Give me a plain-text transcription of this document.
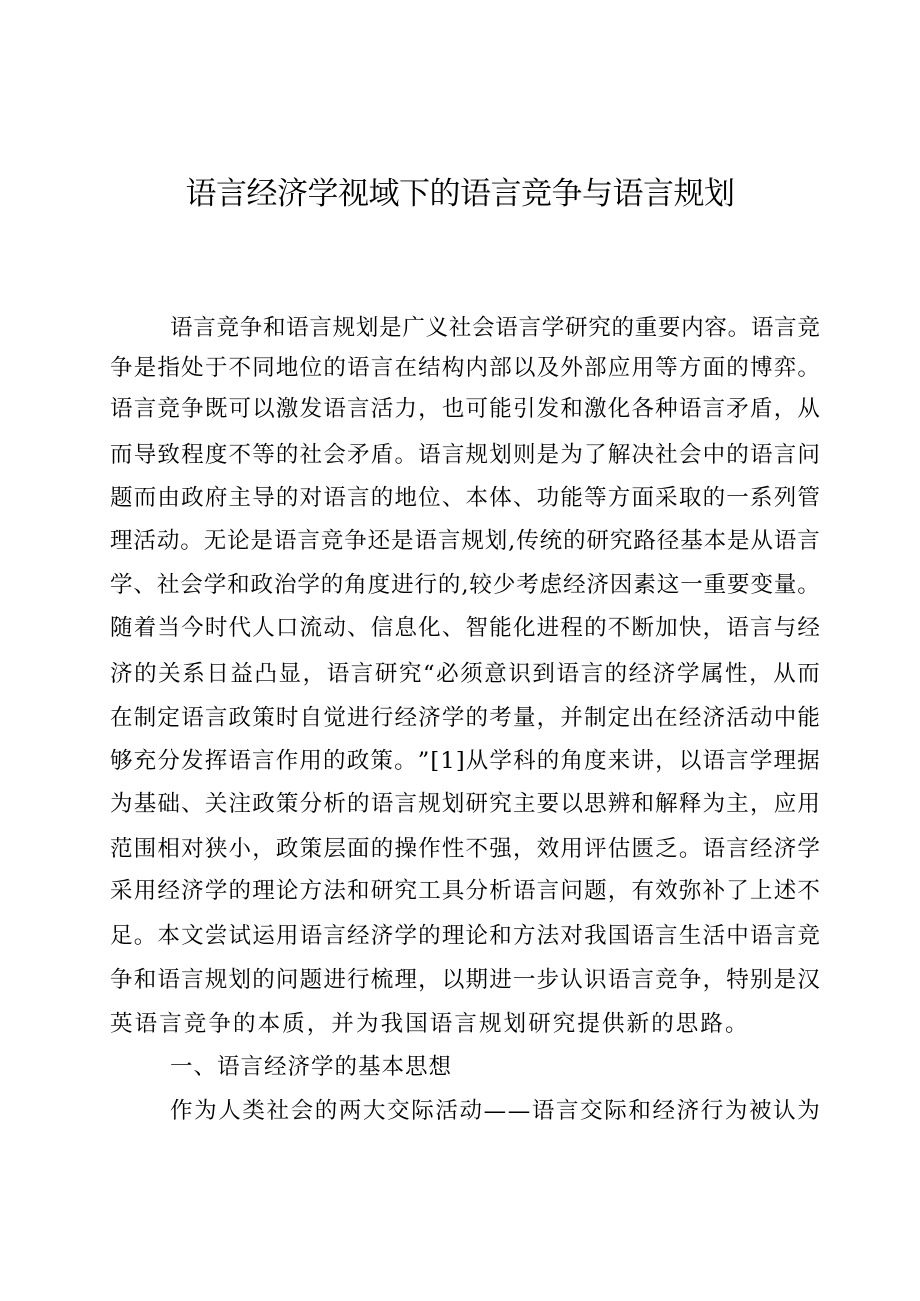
语言经济学视域下的语言竞争与语言规划
语 言 竞 争 和 语 言 规 划 是 广 义 社 会 语 言 学 研 究 的 重 要 内 容 。 语 言 竞
争 是 指 处 于 不 同 地 位 的 语 言 在 结 构 内 部 以 及 外 部 应 用 等 方 面 的 博 弈 。
语 言 竞 争 既 可 以 激 发 语 言 活 力 ， 也 可 能 引 发 和 激 化 各 种 语 言 矛 盾 ， 从
而 导 致 程 度 不 等 的 社 会 矛 盾 。 语 言 规 划 则 是 为 了 解 决 社 会 中 的 语 言 问
题 而 由 政 府 主 导 的 对 语 言 的 地 位 、 本 体 、 功 能 等 方 面 采 取 的 一 系 列 管
理 活 动 。 无 论 是 语 言 竞 争 还 是 语 言 规 划 , 传 统 的 研 究 路 径 基 本 是 从 语 言
学 、 社 会 学 和 政 治 学 的 角 度 进 行 的 , 较 少 考 虑 经 济 因 素 这 一 重 要 变 量 。
随 着 当 今 时 代 人 口 流 动 、 信 息 化 、 智 能 化 进 程 的 不 断 加 快 ， 语 言 与 经
济 的 关 系 日 益 凸 显 ， 语 言 研 究 “ 必 须 意 识 到 语 言 的 经 济 学 属 性 ， 从 而
在 制 定 语 言 政 策 时 自 觉 进 行 经 济 学 的 考 量 ， 并 制 定 出 在 经 济 活 动 中 能
够 充 分 发 挥 语 言 作 用 的 政 策 。 ” [ 1 ] 从 学 科 的 角 度 来 讲 ， 以 语 言 学 理 据
为 基 础 、 关 注 政 策 分 析 的 语 言 规 划 研 究 主 要 以 思 辨 和 解 释 为 主 ， 应 用
范 围 相 对 狭 小 ， 政 策 层 面 的 操 作 性 不 强 ， 效 用 评 估 匮 乏 。 语 言 经 济 学
采 用 经 济 学 的 理 论 方 法 和 研 究 工 具 分 析 语 言 问 题 ， 有 效 弥 补 了 上 述 不
足 。 本 文 尝 试 运 用 语 言 经 济 学 的 理 论 和 方 法 对 我 国 语 言 生 活 中 语 言 竞
争 和 语 言 规 划 的 问 题 进 行 梳 理 ， 以 期 进 一 步 认 识 语 言 竞 争 ， 特 别 是 汉
英语言竞争的本质，并为我国语言规划研究提供新的思路。
一、语言经济学的基本思想
作 为 人 类 社 会 的 两 大 交 际 活 动 — — 语 言 交 际 和 经 济 行 为 被 认 为
